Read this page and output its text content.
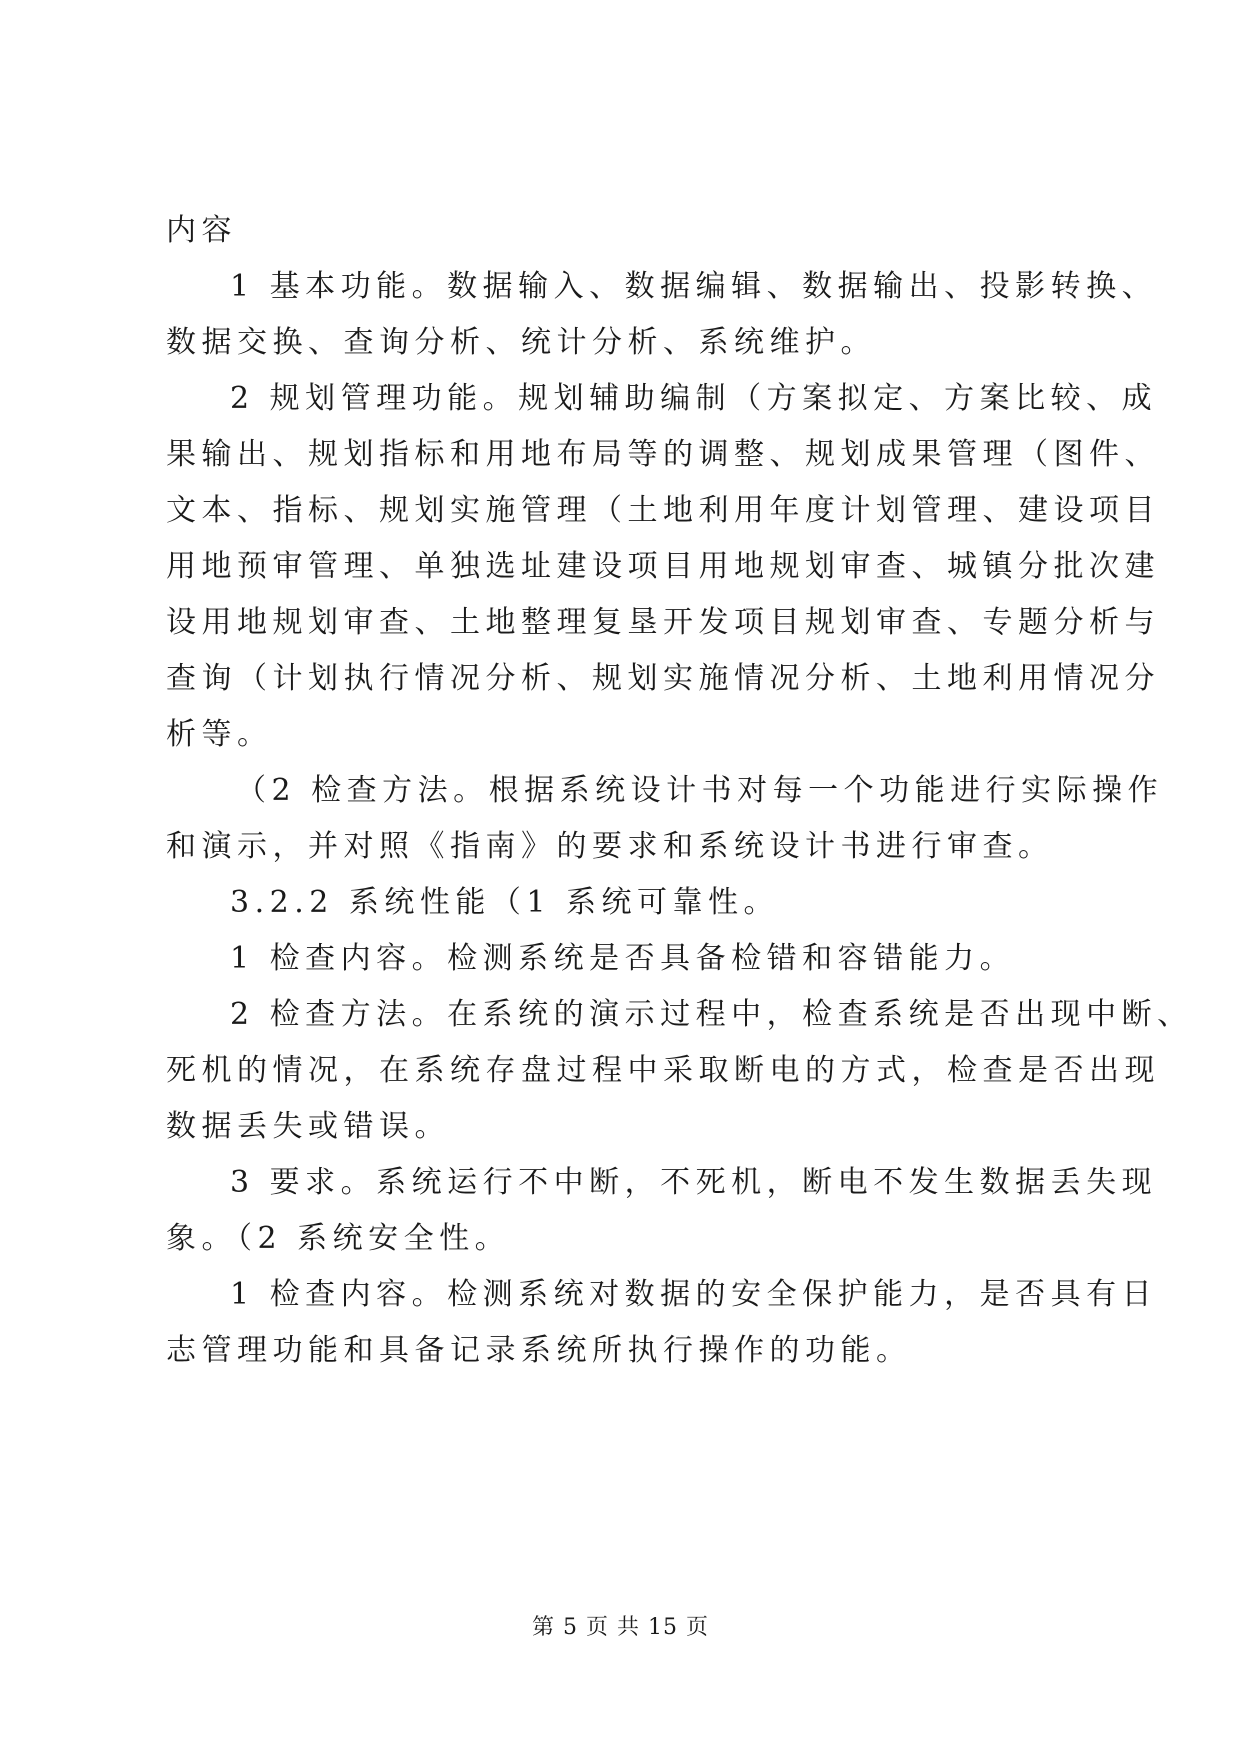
内容
1 基本功能。数据输入、数据编辑、数据输出、投影转换、
数据交换、查询分析、统计分析、系统维护。
2 规划管理功能。规划辅助编制（方案拟定、方案比较、成
果输出、规划指标和用地布局等的调整、规划成果管理（图件、
文本、指标、规划实施管理（土地利用年度计划管理、建设项目
用地预审管理、单独选址建设项目用地规划审查、城镇分批次建
设用地规划审查、土地整理复垦开发项目规划审查、专题分析与
查询（计划执行情况分析、规划实施情况分析、土地利用情况分
析等。
（2 检查方法。根据系统设计书对每一个功能进行实际操作
和演示，并对照《指南》的要求和系统设计书进行审查。
3.2.2 系统性能（1 系统可靠性。
1 检查内容。检测系统是否具备检错和容错能力。
2 检查方法。在系统的演示过程中，检查系统是否出现中断、
死机的情况，在系统存盘过程中采取断电的方式，检查是否出现
数据丢失或错误。
3 要求。系统运行不中断，不死机，断电不发生数据丢失现
象。（2 系统安全性。
1 检查内容。检测系统对数据的安全保护能力，是否具有日
志管理功能和具备记录系统所执行操作的功能。
第 5 页 共 15 页
